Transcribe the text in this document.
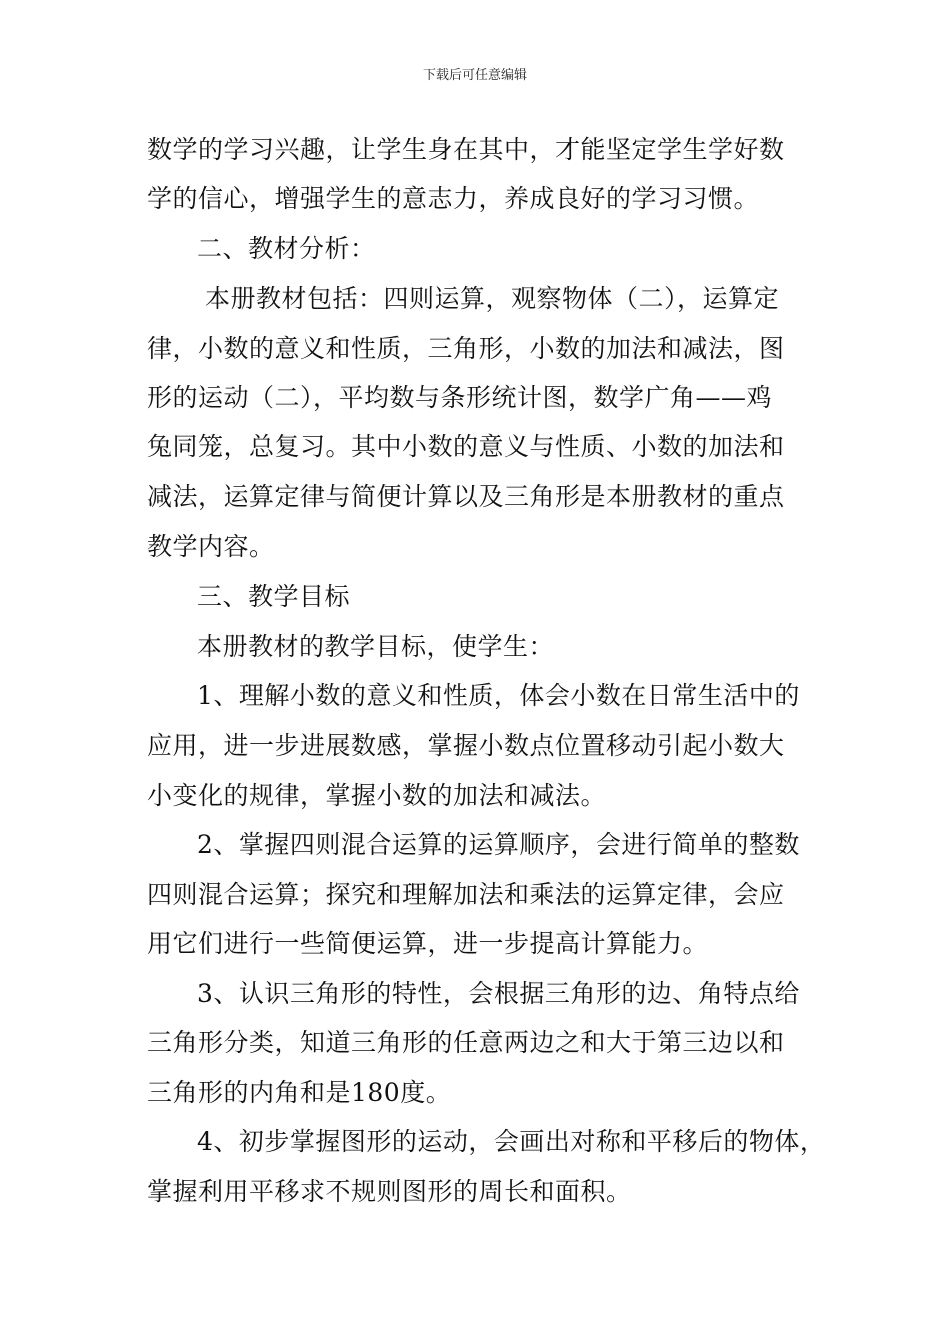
下载后可任意编辑
数学的学习兴趣，让学生身在其中，才能坚定学生学好数
学的信心，增强学生的意志力，养成良好的学习习惯。
二、教材分析：
本册教材包括：四则运算，观察物体（二），运算定
律，小数的意义和性质，三角形，小数的加法和减法，图
形的运动（二），平均数与条形统计图，数学广角——鸡
兔同笼，总复习。其中小数的意义与性质、小数的加法和
减法，运算定律与简便计算以及三角形是本册教材的重点
教学内容。
三、教学目标
本册教材的教学目标，使学生：
1、理解小数的意义和性质，体会小数在日常生活中的
应用，进一步进展数感，掌握小数点位置移动引起小数大
小变化的规律，掌握小数的加法和减法。
2、掌握四则混合运算的运算顺序，会进行简单的整数
四则混合运算；探究和理解加法和乘法的运算定律，会应
用它们进行一些简便运算，进一步提高计算能力。
3、认识三角形的特性，会根据三角形的边、角特点给
三角形分类，知道三角形的任意两边之和大于第三边以和
三角形的内角和是180度。
4、初步掌握图形的运动，会画出对称和平移后的物体，
掌握利用平移求不规则图形的周长和面积。
